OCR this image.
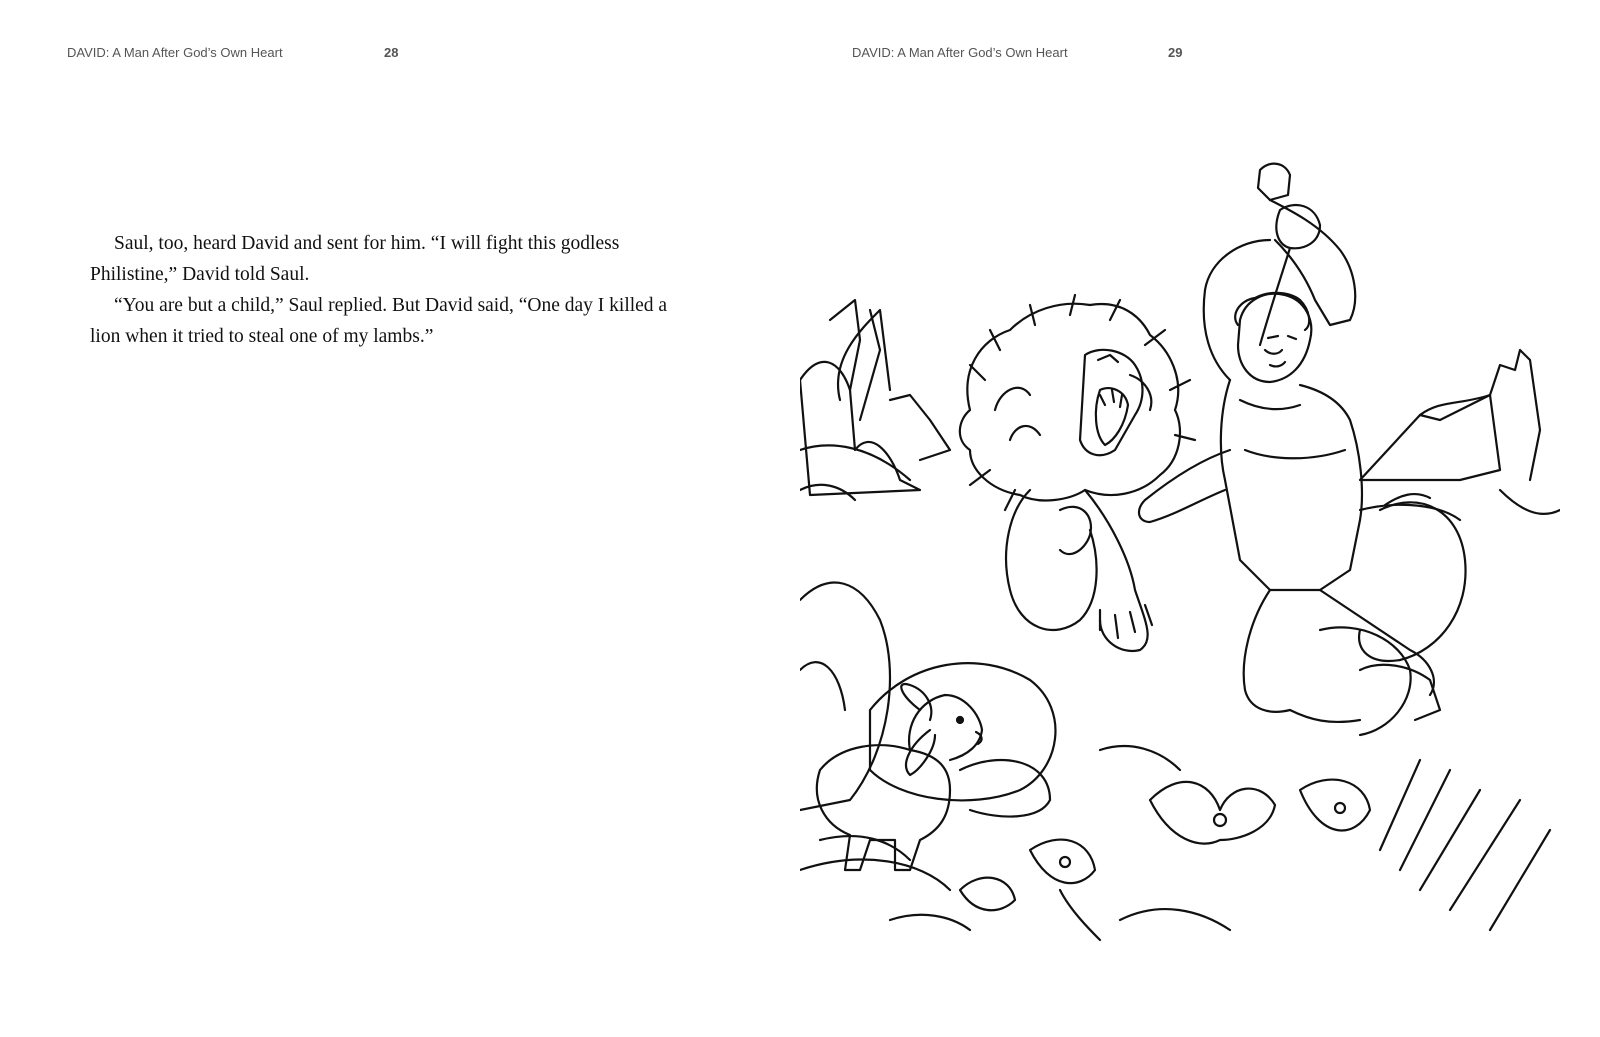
DAVID: A Man After God’s Own Heart	28

Saul, too, heard David and sent for him. “I will fight this godless Philistine,” David told Saul.

“You are but a child,” Saul replied. But David said, “One day I killed a lion when it tried to steal one of my lambs.”

DAVID: A Man After God’s Own Heart	29
